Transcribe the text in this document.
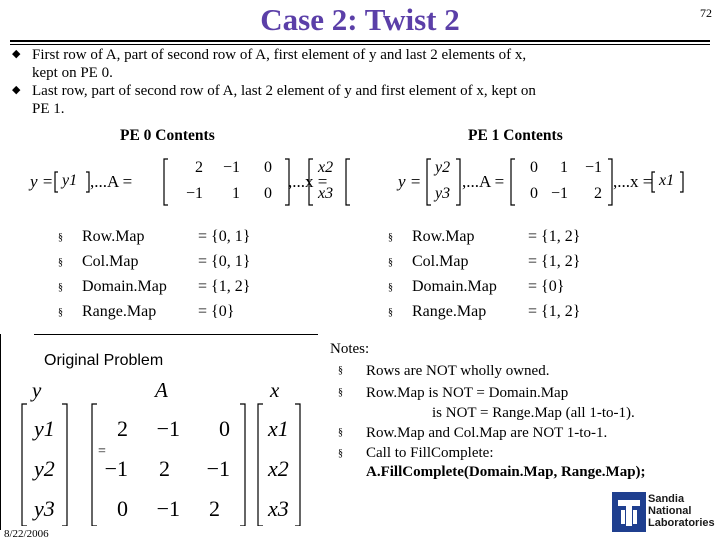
Case 2: Twist 2	72
◆ First row of A, part of second row of A, first element of y and last 2 elements of x,
kept on PE 0.
◆ Last row, part of second row of A, last 2 element of y and first element of x, kept on
PE 1.
PE 0 Contents	PE 1 Contents
y = y1 ,...A =
2	−1	0
−1	1	0
,...x =
x2
x3
y =
y2
y3
,...A =
0	1	−1
0 −1	2
,...x = x1
§ Row.Map	= {0, 1}
§ Col.Map	= {0, 1}
§ Domain.Map = {1, 2}
§ Range.Map	= {0}
§ Row.Map	= {1, 2}
§ Col.Map	= {1, 2}
§ Domain.Map = {0}
§ Range.Map	= {1, 2}
Original Problem
y	A	x
y1
y2
y3
=
2	−1	0
−1	2	−1
0	−1	2
x1
x2
x3
Notes:
§ Rows are NOT wholly owned.
§ Row.Map is NOT = Domain.Map
is NOT = Range.Map (all 1-to-1).
§ Row.Map and Col.Map are NOT 1-to-1.
§ Call to FillComplete:
A.FillComplete(Domain.Map, Range.Map);
8/22/2006
Sandia
National
Laboratories
